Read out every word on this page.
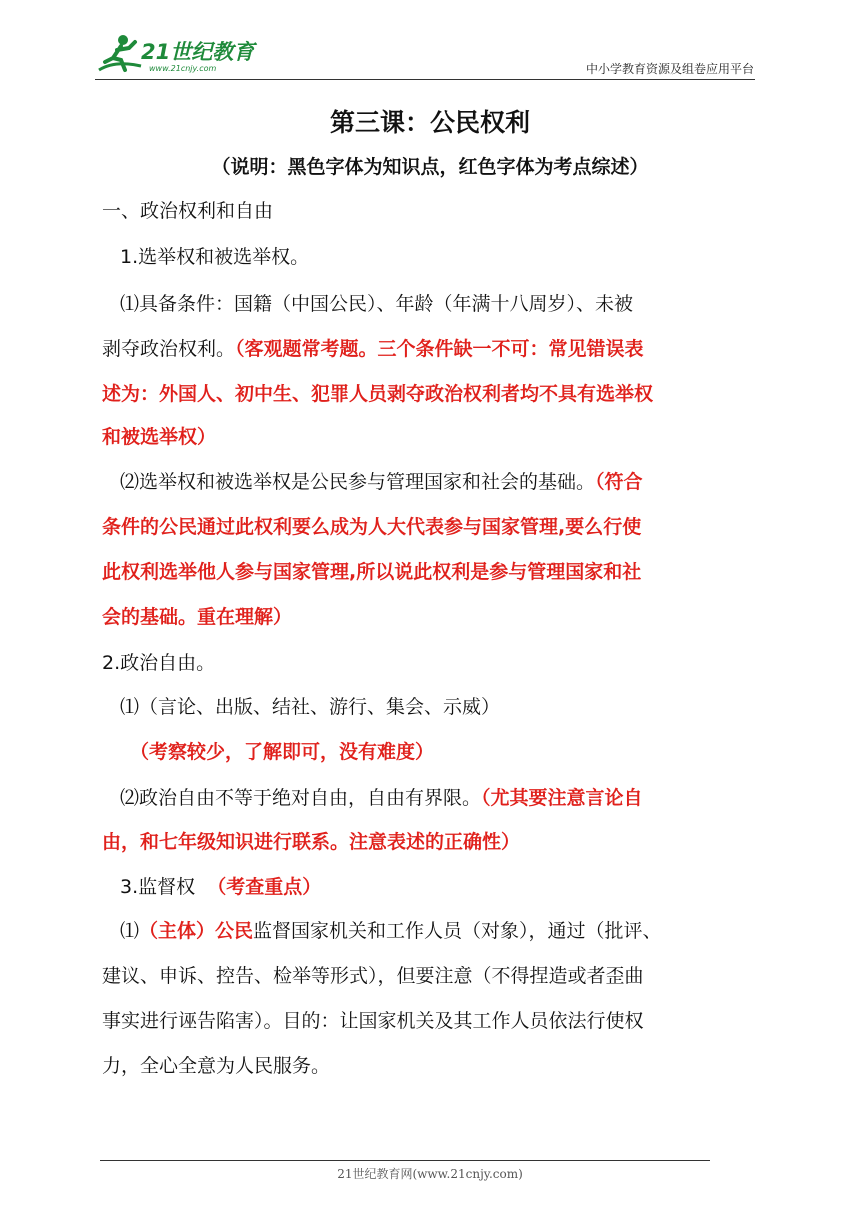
21世纪教育
www.21cnjy.com	中小学教育资源及组卷应用平台
第三课：公民权利
（说明：黑色字体为知识点，红色字体为考点综述）
一、政治权利和自由
1.选举权和被选举权。
⑴具备条件：国籍（中国公民）、年龄（年满十八周岁）、未被
剥夺政治权利。（客观题常考题。三个条件缺一不可：常见错误表
述为：外国人、初中生、犯罪人员剥夺政治权利者均不具有选举权
和被选举权）
⑵选举权和被选举权是公民参与管理国家和社会的基础。（符合
条件的公民通过此权利要么成为人大代表参与国家管理,要么行使
此权利选举他人参与国家管理,所以说此权利是参与管理国家和社
会的基础。重在理解）
2.政治自由。
⑴（言论、出版、结社、游行、集会、示威）
（考察较少，了解即可，没有难度）
⑵政治自由不等于绝对自由，自由有界限。（尤其要注意言论自
由，和七年级知识进行联系。注意表述的正确性）
3.监督权 （考查重点）
⑴（主体）公民监督国家机关和工作人员（对象），通过（批评、
建议、申诉、控告、检举等形式），但要注意（不得捏造或者歪曲
事实进行诬告陷害）。目的：让国家机关及其工作人员依法行使权
力，全心全意为人民服务。
21世纪教育网(www.21cnjy.com)
